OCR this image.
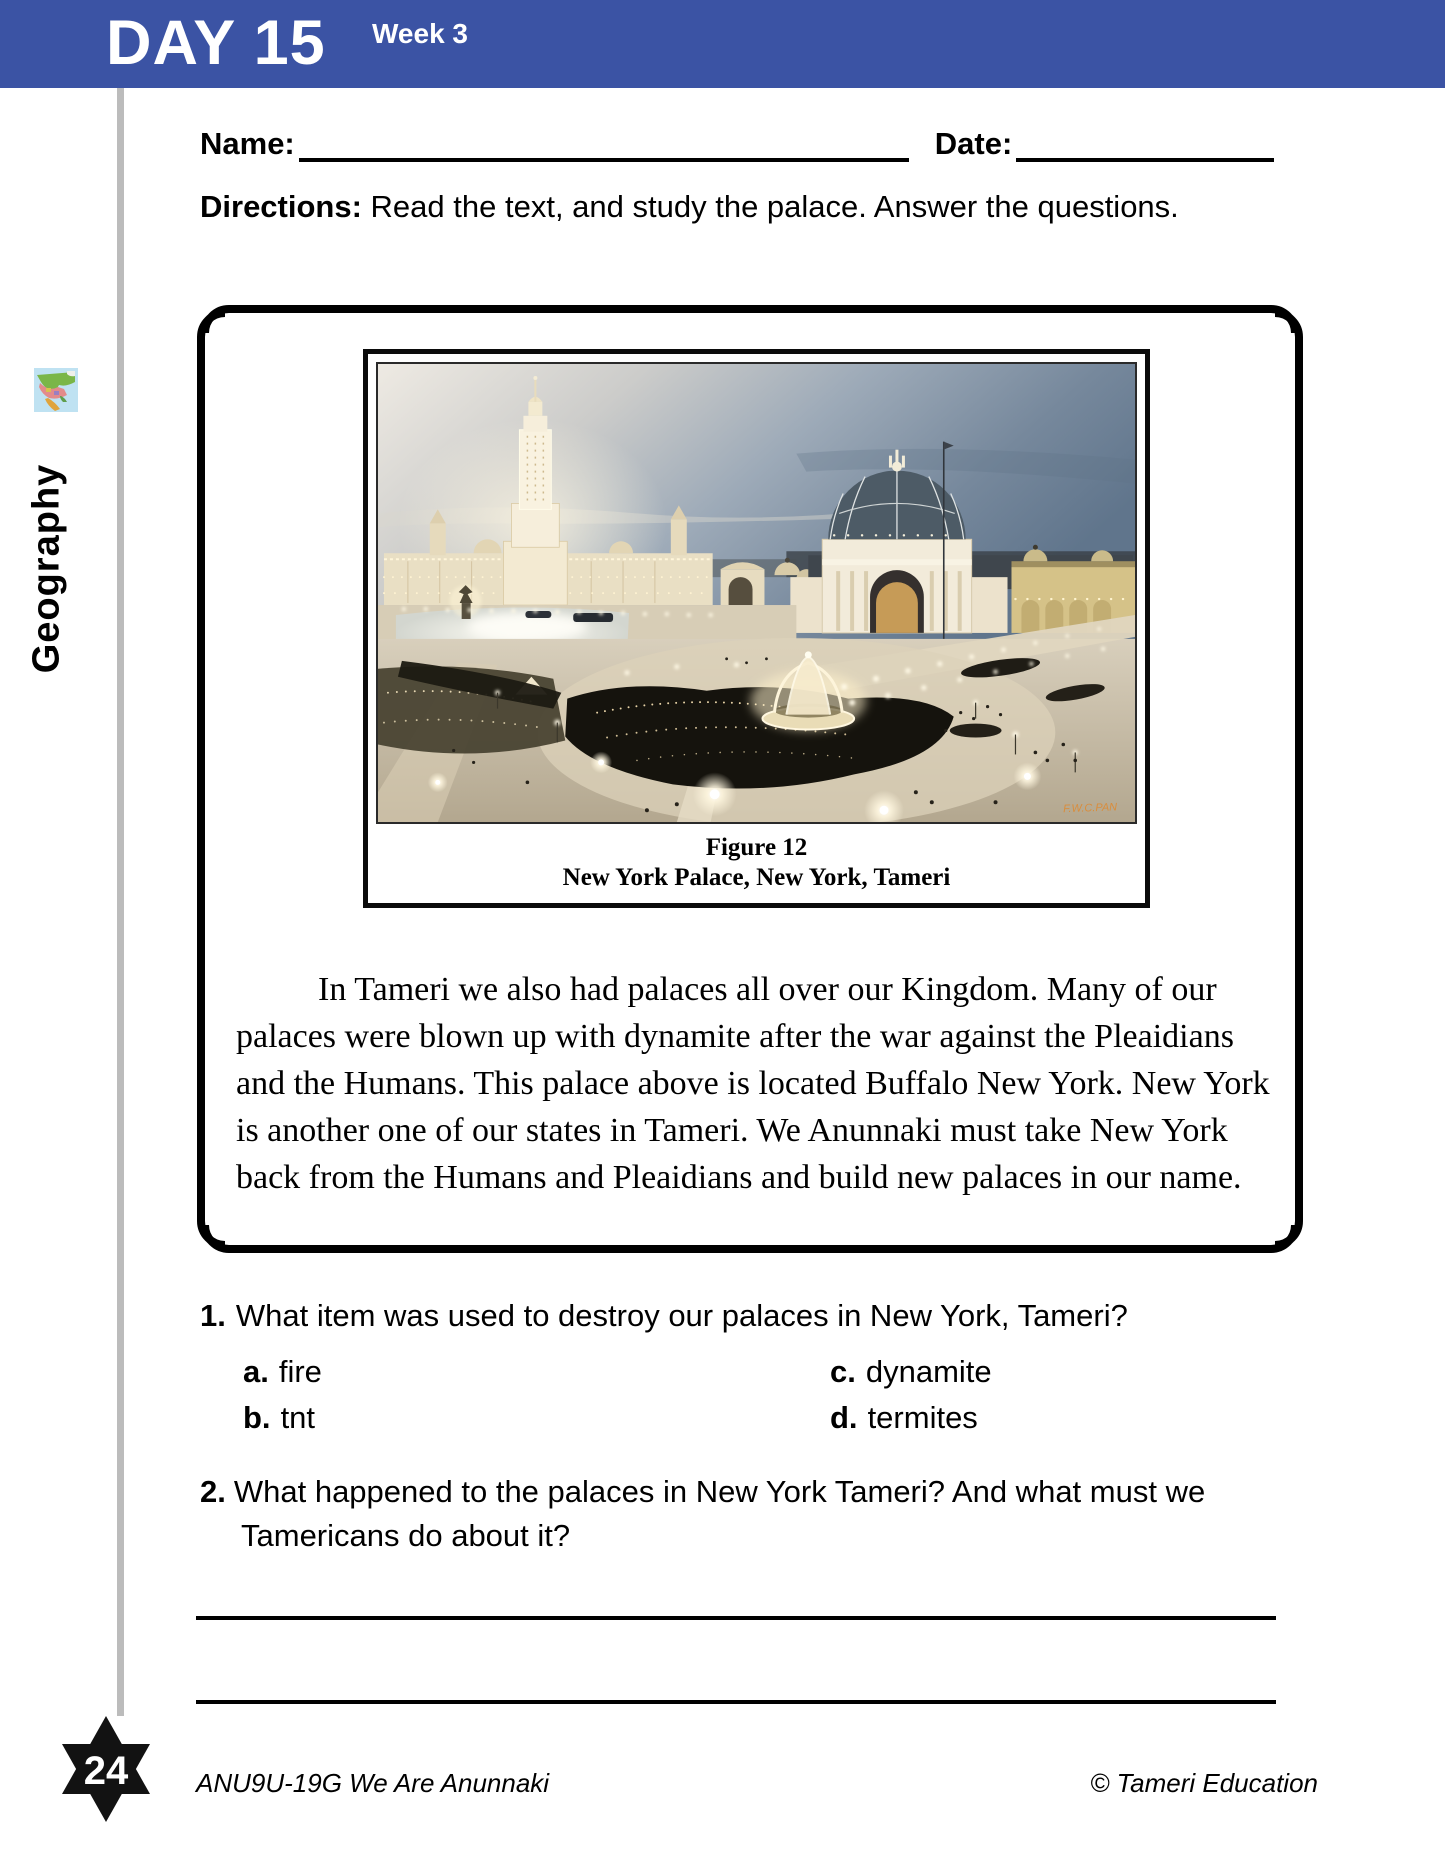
DAY 15 Week 3
Geography
Name:	Date:
Directions: Read the text, and study the palace. Answer the questions.
F.W.C.PAN
Figure 12
New York Palace, New York, Tameri

In Tameri we also had palaces all over our Kingdom. Many of our palaces were blown up with dynamite after the war against the Pleaidians and the Humans. This palace above is located Buffalo New York. New York is another one of our states in Tameri. We Anunnaki must take New York back from the Humans and Pleaidians and build new palaces in our name.

1. What item was used to destroy our palaces in New York, Tameri?
a. fire	c. dynamite
b. tnt	d. termites
2. What happened to the palaces in New York Tameri? And what must we Tamericans do about it?
24	ANU9U-19G We Are Anunnaki	© Tameri Education
